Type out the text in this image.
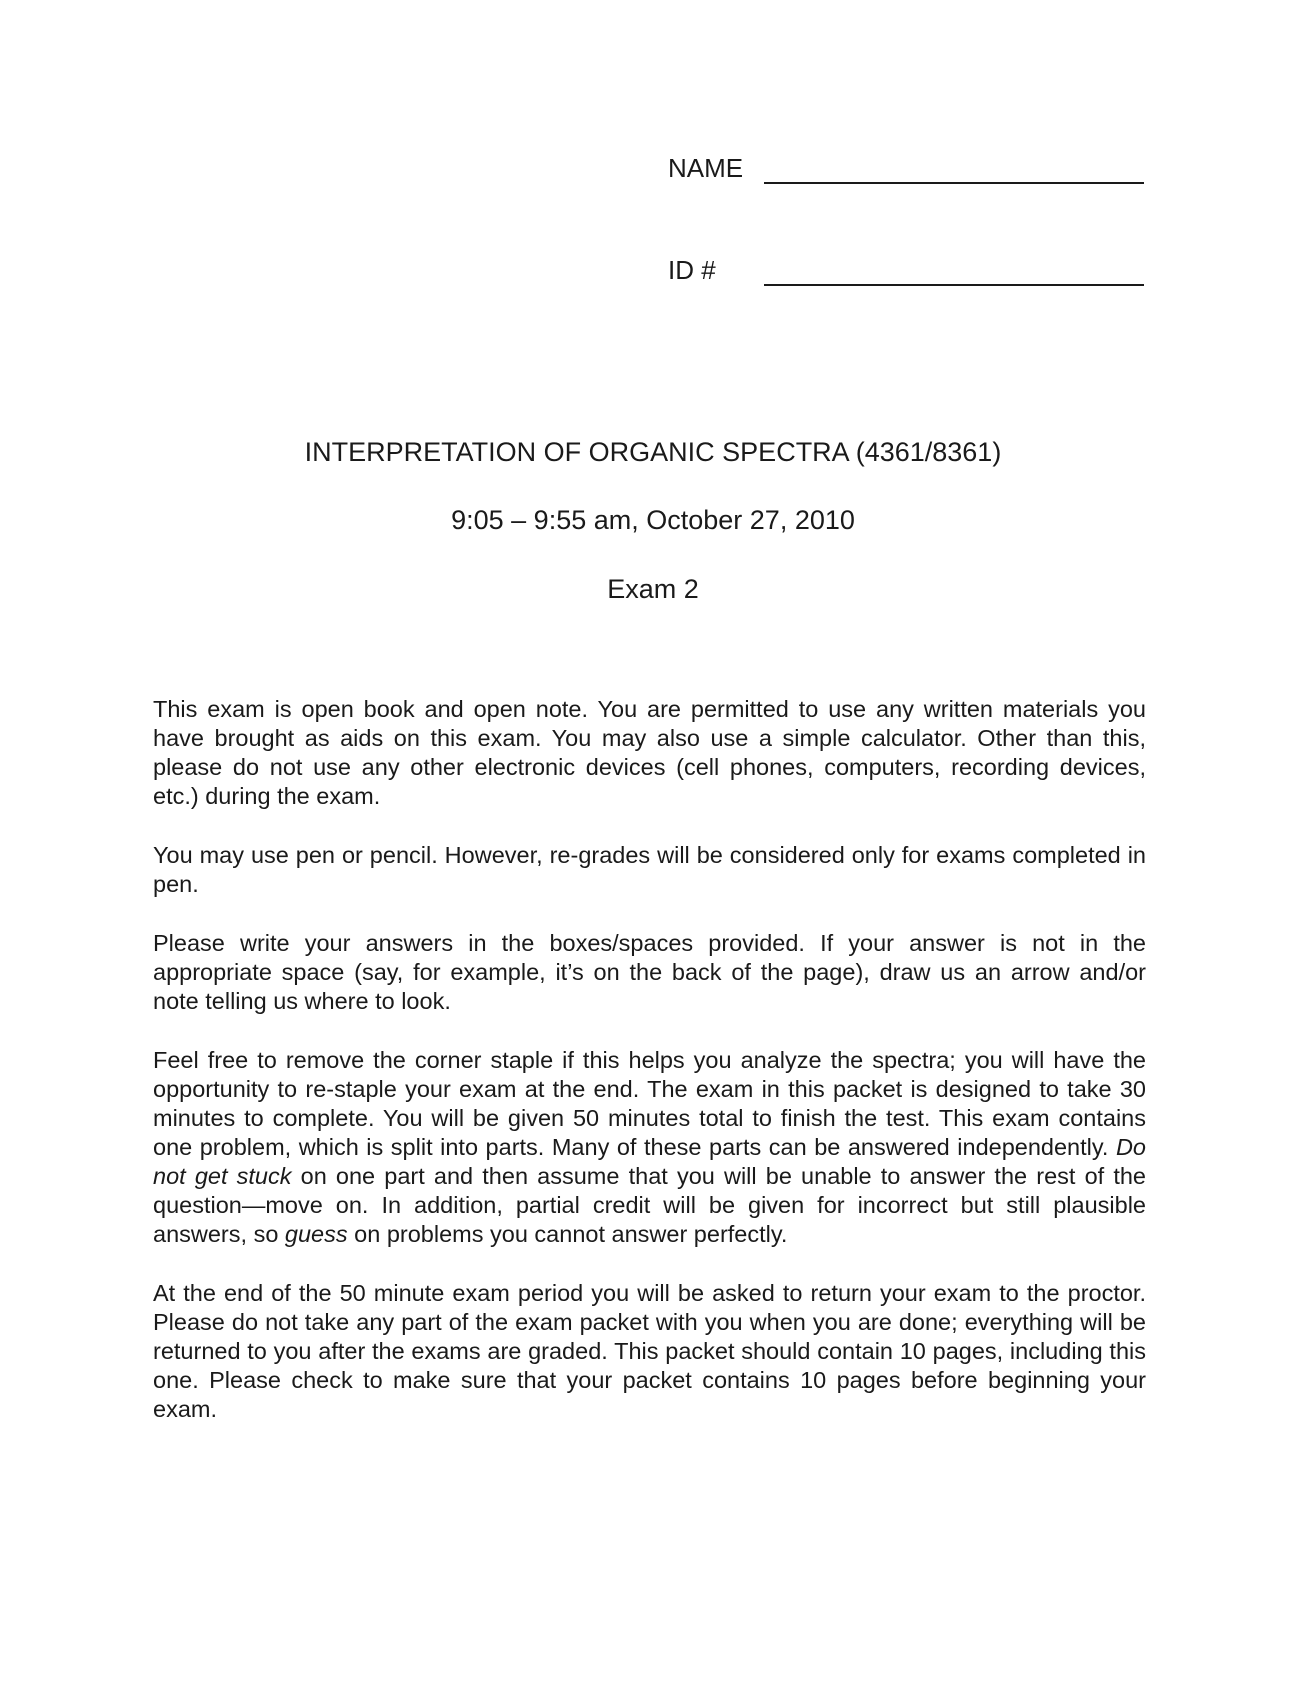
NAME
ID #
INTERPRETATION OF ORGANIC SPECTRA (4361/8361)
9:05 – 9:55 am, October 27, 2010
Exam 2

This exam is open book and open note. You are permitted to use any written materials you have brought as aids on this exam. You may also use a simple calculator. Other than this, please do not use any other electronic devices (cell phones, computers, recording devices, etc.) during the exam.

You may use pen or pencil. However, re-grades will be considered only for exams completed in pen.

Please write your answers in the boxes/spaces provided. If your answer is not in the appropriate space (say, for example, it’s on the back of the page), draw us an arrow and/or note telling us where to look.

Feel free to remove the corner staple if this helps you analyze the spectra; you will have the opportunity to re-staple your exam at the end. The exam in this packet is designed to take 30 minutes to complete. You will be given 50 minutes total to finish the test. This exam contains one problem, which is split into parts. Many of these parts can be answered independently. Do not get stuck on one part and then assume that you will be unable to answer the rest of the question—move on. In addition, partial credit will be given for incorrect but still plausible answers, so guess on problems you cannot answer perfectly.

At the end of the 50 minute exam period you will be asked to return your exam to the proctor. Please do not take any part of the exam packet with you when you are done; everything will be returned to you after the exams are graded. This packet should contain 10 pages, including this one. Please check to make sure that your packet contains 10 pages before beginning your exam.
